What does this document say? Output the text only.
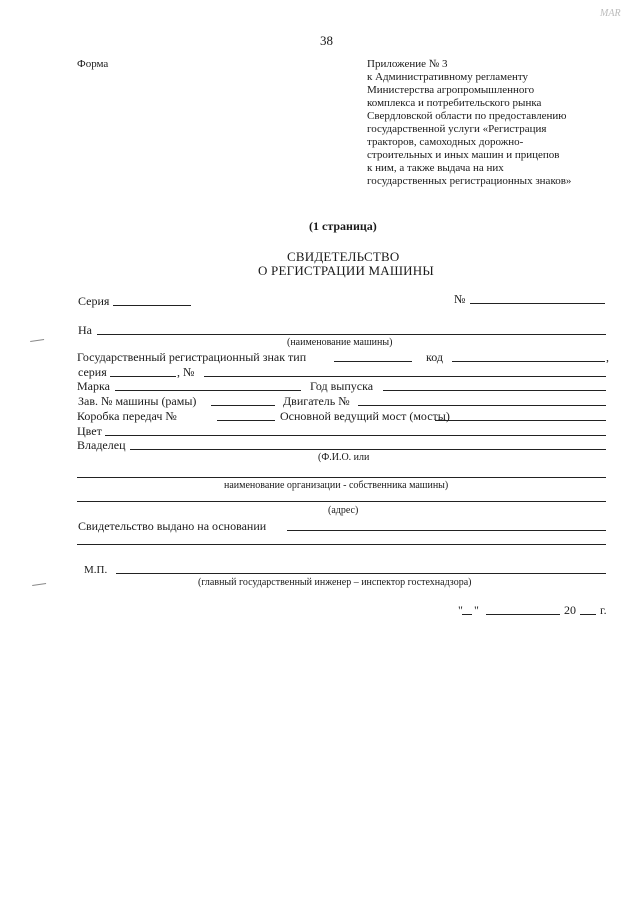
38
MAR
Форма	Приложение № 3
к Административному регламенту
Министерства агропромышленного
комплекса и потребительского рынка
Свердловской области по предоставлению
государственной услуги «Регистрация
тракторов, самоходных дорожно-
строительных и иных машин и прицепов
к ним, а также выдача на них
государственных регистрационных знаков»
(1 страница)
СВИДЕТЕЛЬСТВО
О РЕГИСТРАЦИИ МАШИНЫ
Серия	№
На
(наименование машины)
Государственный регистрационный знак тип	код	,
серия	, №
Марка	Год выпуска
Зав. № машины (рамы)	Двигатель №
Коробка передач №	Основной ведущий мост (мосты)
Цвет
Владелец
(Ф.И.О. или
наименование организации - собственника машины)
(адрес)
Свидетельство выдано на основании
М.П.
(главный государственный инженер – инспектор гостехнадзора)
" "	20 г.
